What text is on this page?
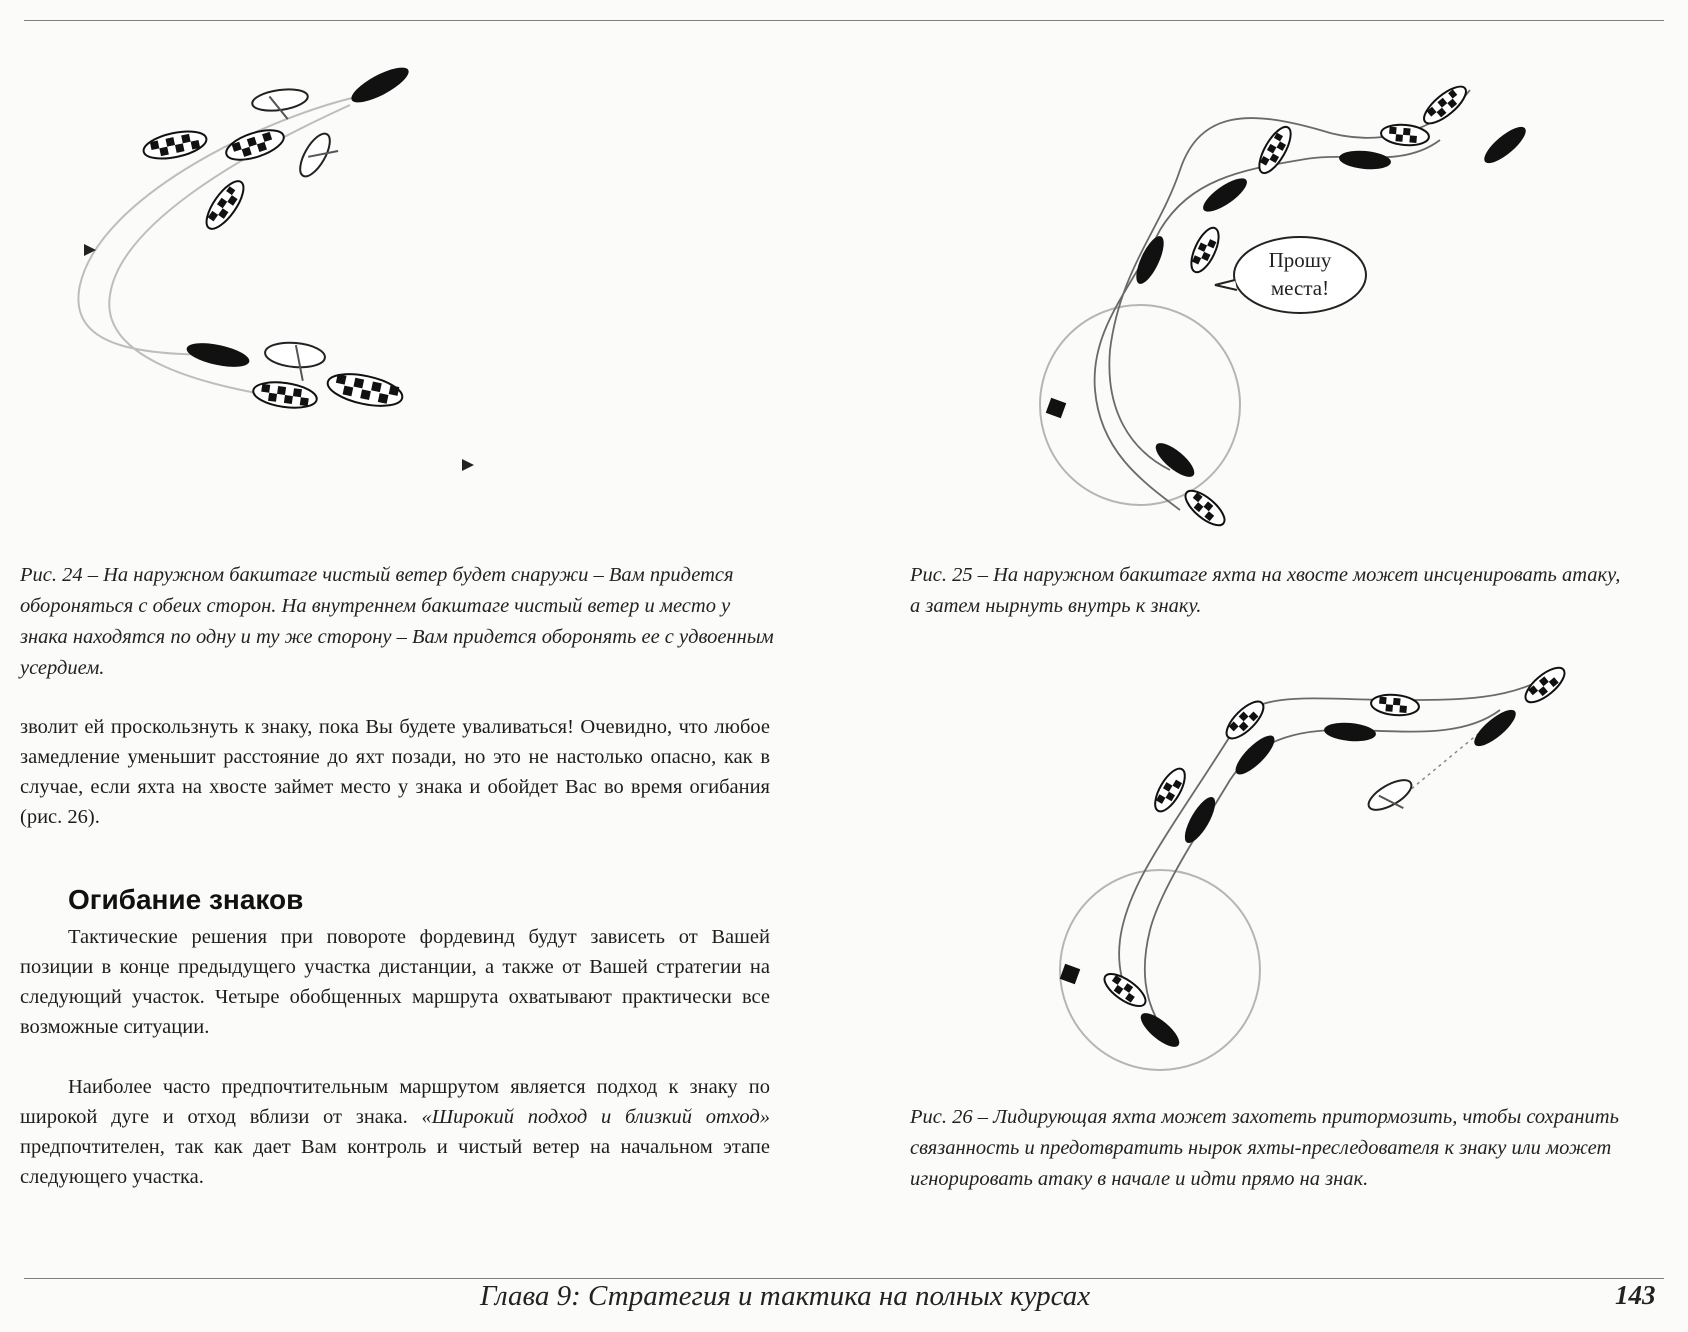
Рис. 24 – На наружном бакштаге чистый ветер будет снаружи – Вам придется обороняться с обеих сторон. На внутреннем бакштаге чистый ветер и место у знака находятся по одну и ту же сторону – Вам придется оборонять ее с удвоенным усердием.

Прошу
места!

Рис. 25 – На наружном бакштаге яхта на хвосте может инсценировать атаку, а затем нырнуть внутрь к знаку.

Рис. 26 – Лидирующая яхта может захотеть притормозить, чтобы сохранить связанность и предотвратить нырок яхты-преследователя к знаку или может игнорировать атаку в начале и идти прямо на знак.

зволит ей проскользнуть к знаку, пока Вы будете уваливаться! Очевидно, что любое замедление уменьшит расстояние до яхт позади, но это не настолько опасно, как в случае, если яхта на хвосте займет место у знака и обойдет Вас во время огибания (рис. 26).

Огибание знаков

Тактические решения при повороте фордевинд будут зависеть от Вашей позиции в конце предыдущего участка дистанции, а также от Вашей стратегии на следующий участок. Четыре обобщенных маршрута охватывают практически все возможные ситуации.

Наиболее часто предпочтительным маршрутом является подход к знаку по широкой дуге и отход вблизи от знака. «Широкий подход и близкий отход» предпочтителен, так как дает Вам контроль и чистый ветер на начальном этапе следующего участка.

Глава 9: Стратегия и тактика на полных курсах	143
